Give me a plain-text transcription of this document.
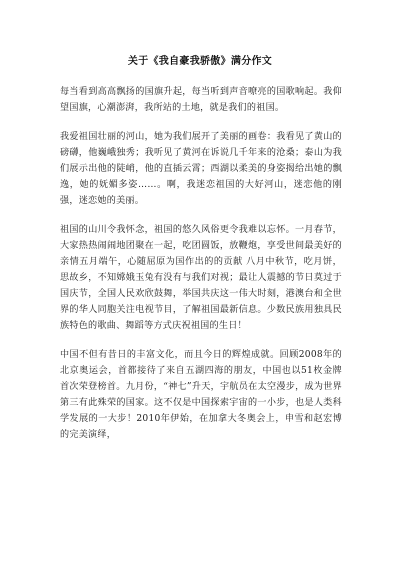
关于《我自豪我骄傲》满分作文

每当看到高高飘扬的国旗升起，每当听到声音嘹亮的国歌响起。我仰望国旗，心潮澎湃，我所站的土地，就是我们的祖国。

我爱祖国壮丽的河山，她为我们展开了美丽的画卷：我看见了黄山的磅礴，他巍峨独秀；我听见了黄河在诉说几千年来的沧桑；泰山为我们展示出他的陡峭，他的直插云霄；西湖以柔美的身姿揭给出她的飘逸，她的妩媚多姿……。啊，我迷恋祖国的大好河山，迷恋他的刚强，迷恋她的美丽。

祖国的山川令我怀念，祖国的悠久风俗更令我难以忘怀。一月春节，大家热热闹闹地团聚在一起，吃团圆饭，放鞭炮，享受世间最美好的亲情五月端午，心随屈原为国作出的的贡献 八月中秋节，吃月饼，思故乡，不知嫦娥玉兔有没有与我们对视；最让人震撼的节日莫过于国庆节，全国人民欢欣鼓舞，举国共庆这一伟大时刻，港澳台和全世界的华人同胞关注电视节目，了解祖国最新信息。少数民族用独具民族特色的歌曲、舞蹈等方式庆祝祖国的生日！

中国不但有昔日的丰富文化，而且今日的辉煌成就。回顾2008年的北京奥运会，首都接待了来自五湖四海的朋友，中国也以51枚金牌首次荣登榜首。九月份，“神七”升天，宇航员在太空漫步，成为世界第三有此殊荣的国家。这不仅是中国探索宇宙的一小步，也是人类科学发展的一大步！2010年伊始，在加拿大冬奥会上，申雪和赵宏博的完美演绎，
